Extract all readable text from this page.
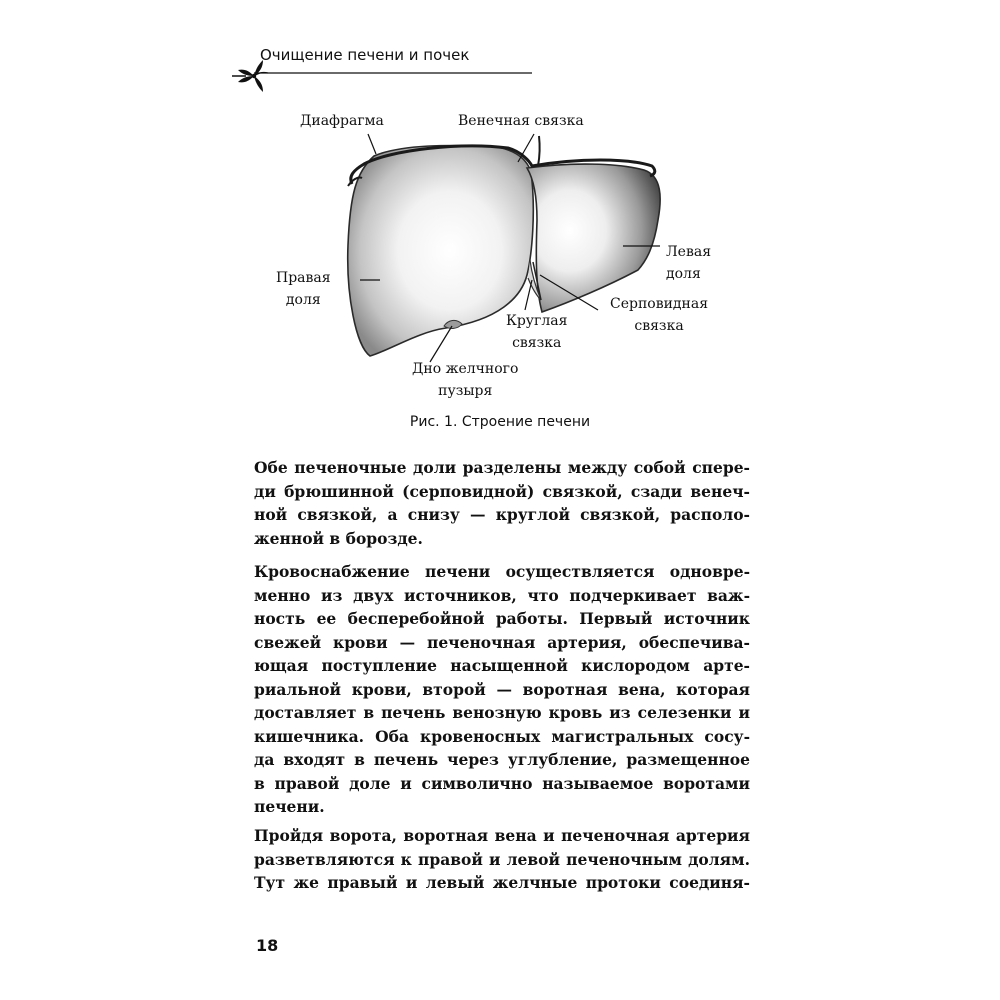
Очищение печени и почек
Диафрагма	Венечная связка
Левая
доля
Правая
доля	Серповидная
связка
Круглая
связка
Дно желчного
пузыря
Рис. 1. Строение печени
Обе печеночные доли разделены между собой спере-
ди брюшинной (серповидной) связкой, сзади венеч-
ной связкой, а снизу — круглой связкой, располо-
женной в борозде.
Кровоснабжение печени осуществляется одновре-
менно из двух источников, что подчеркивает важ-
ность ее бесперебойной работы. Первый источник
свежей крови — печеночная артерия, обеспечива-
ющая поступление насыщенной кислородом арте-
риальной крови, второй — воротная вена, которая
доставляет в печень венозную кровь из селезенки и
кишечника. Оба кровеносных магистральных сосу-
да входят в печень через углубление, размещенное
в правой доле и символично называемое воротами
печени.
Пройдя ворота, воротная вена и печеночная артерия
разветвляются к правой и левой печеночным долям.
Тут же правый и левый желчные протоки соединя-
18
